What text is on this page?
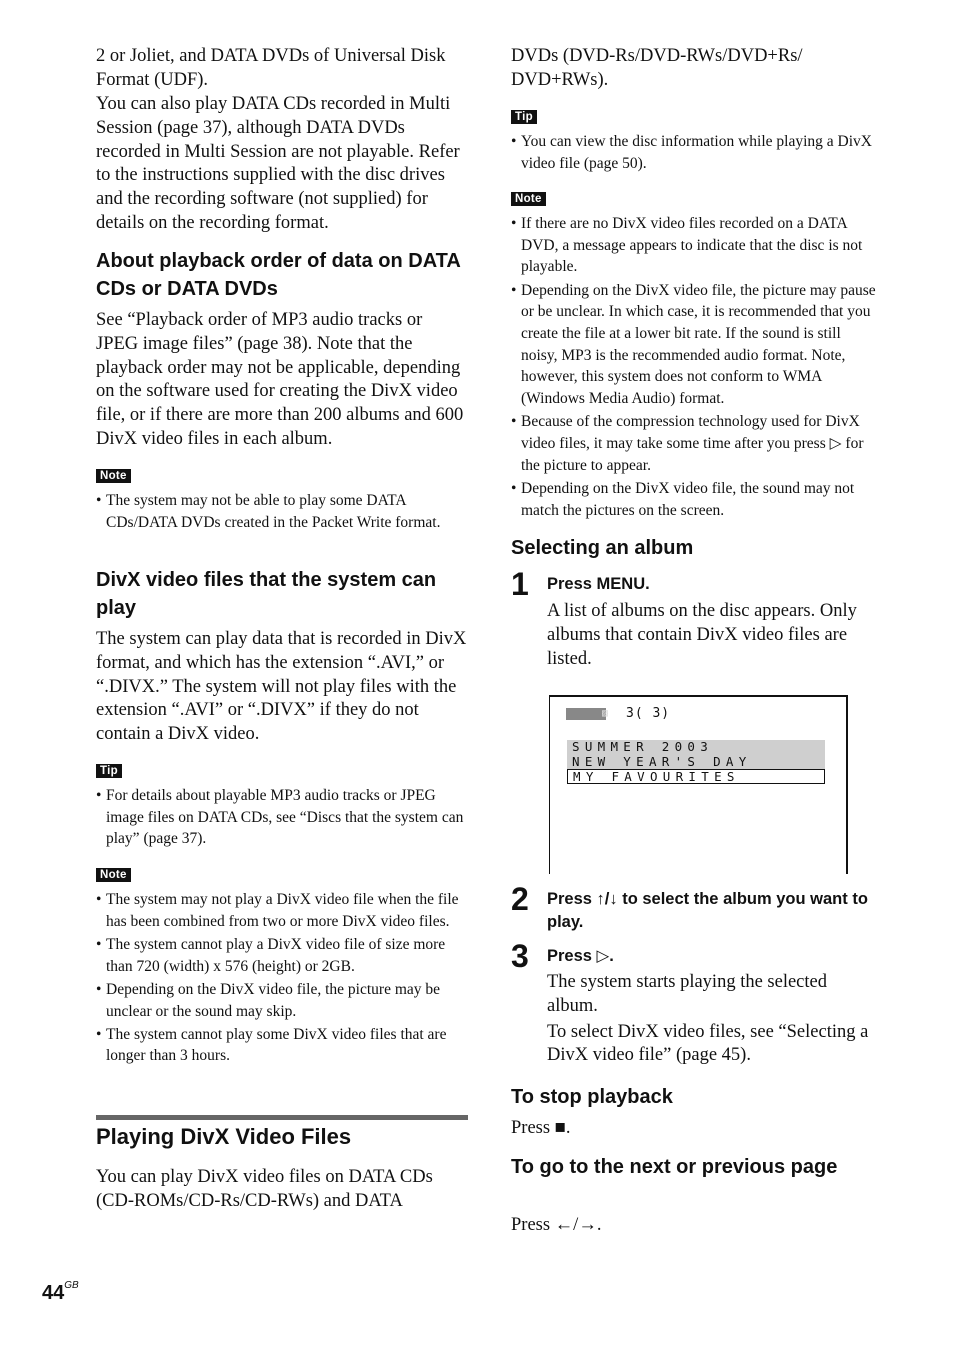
2 or Joliet, and DATA DVDs of Universal Disk Format (UDF).

You can also play DATA CDs recorded in Multi Session (page 37), although DATA DVDs recorded in Multi Session are not playable. Refer to the instructions supplied with the disc drives and the recording software (not supplied) for details on the recording format.

About playback order of data on DATA CDs or DATA DVDs

See “Playback order of MP3 audio tracks or JPEG image files” (page 38). Note that the playback order may not be applicable, depending on the software used for creating the DivX video file, or if there are more than 200 albums and 600 DivX video files in each album.

Note
• The system may not be able to play some DATA CDs/DATA DVDs created in the Packet Write format.
DivX video files that the system can play

The system can play data that is recorded in DivX format, and which has the extension “.AVI,” or “.DIVX.” The system will not play files with the extension “.AVI” or “.DIVX” if they do not contain a DivX video.

Tip
• For details about playable MP3 audio tracks or JPEG image files on DATA CDs, see “Discs that the system can play” (page 37).
Note
• The system may not play a DivX video file when the file has been combined from two or more DivX video files.
• The system cannot play a DivX video file of size more than 720 (width) x 576 (height) or 2GB.
• Depending on the DivX video file, the picture may be unclear or the sound may skip.
• The system cannot play some DivX video files that are longer than 3 hours.
Playing DivX Video Files

You can play DivX video files on DATA CDs (CD-ROMs/CD-Rs/CD-RWs) and DATA

DVDs (DVD-Rs/DVD-RWs/DVD+Rs/ DVD+RWs).

Tip
• You can view the disc information while playing a DivX video file (page 50).
Note
• If there are no DivX video files recorded on a DATA DVD, a message appears to indicate that the disc is not playable.
• Depending on the DivX video file, the picture may pause or be unclear. In which case, it is recommended that you create the file at a lower bit rate. If the sound is still noisy, MP3 is the recommended audio format. Note, however, this system does not conform to WMA (Windows Media Audio) format.
• Because of the compression technology used for DivX video files, it may take some time after you press ▷ for the picture to appear.
• Depending on the DivX video file, the sound may not match the pictures on the screen.
Selecting an album
1 Press MENU.

A list of albums on the disc appears. Only albums that contain DivX video files are listed.

▨ 3( 3)
SUMMER 2003
NEW YEAR'S DAY
MY FAVOURITES
2 Press ↑/↓ to select the album you want to play.
3 Press ▷.

The system starts playing the selected album.

To select DivX video files, see “Selecting a DivX video file” (page 45).

To stop playback

Press ■.

To go to the next or previous page

Press ←/→.

$44^{GB}$
